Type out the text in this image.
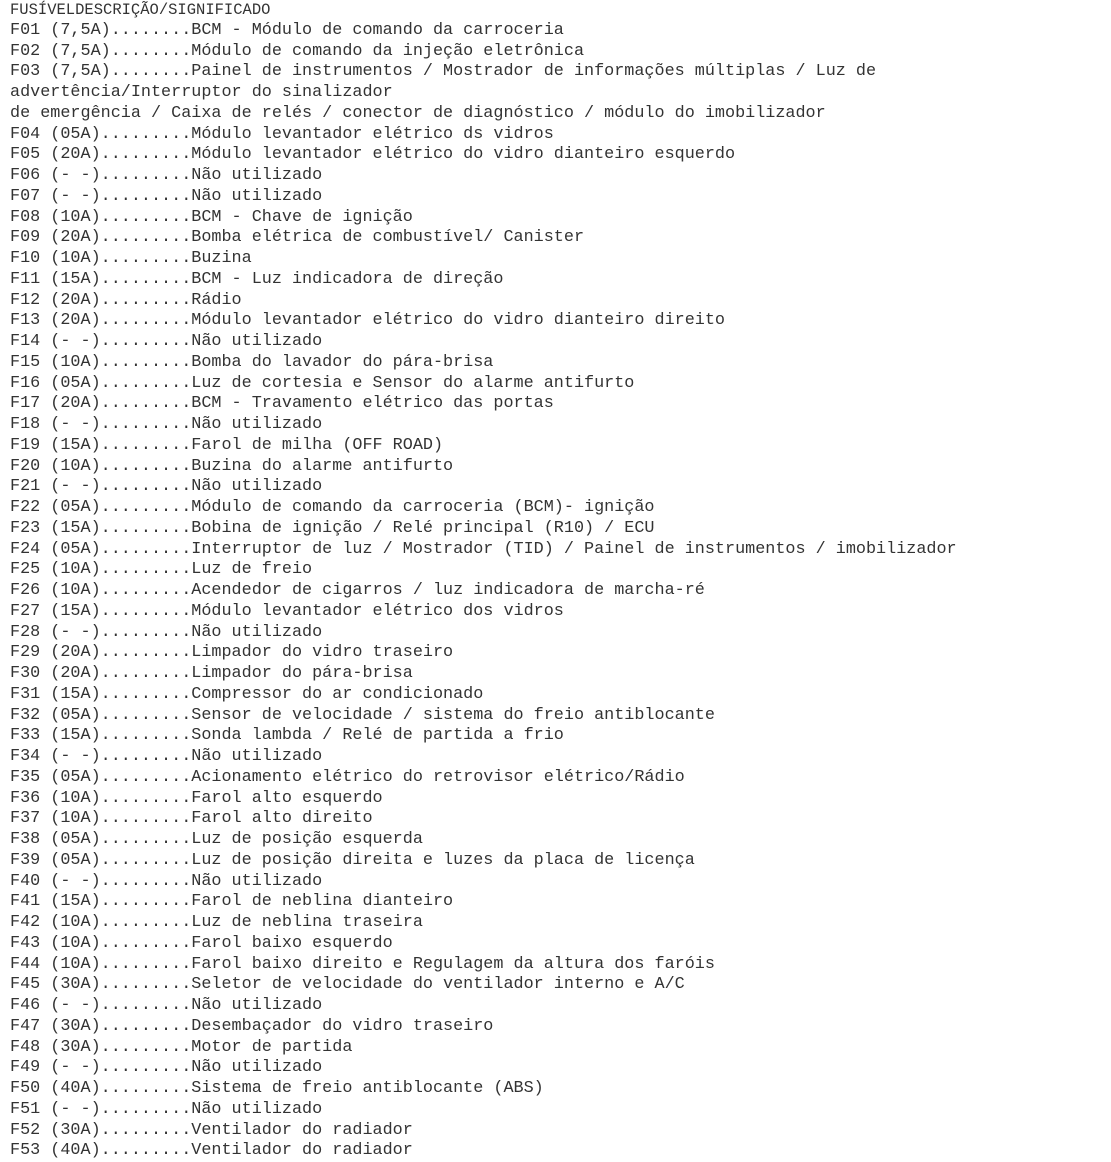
FUSÍVELDESCRIÇÃO/SIGNIFICADO
F01 (7,5A)........BCM - Módulo de comando da carroceria
F02 (7,5A)........Módulo de comando da injeção eletrônica
F03 (7,5A)........Painel de instrumentos / Mostrador de informações múltiplas / Luz de
advertência/Interruptor do sinalizador
de emergência / Caixa de relés / conector de diagnóstico / módulo do imobilizador
F04 (05A).........Módulo levantador elétrico ds vidros
F05 (20A).........Módulo levantador elétrico do vidro dianteiro esquerdo
F06 (- -).........Não utilizado
F07 (- -).........Não utilizado
F08 (10A).........BCM - Chave de ignição
F09 (20A).........Bomba elétrica de combustível/ Canister
F10 (10A).........Buzina
F11 (15A).........BCM - Luz indicadora de direção
F12 (20A).........Rádio
F13 (20A).........Módulo levantador elétrico do vidro dianteiro direito
F14 (- -).........Não utilizado
F15 (10A).........Bomba do lavador do pára-brisa
F16 (05A).........Luz de cortesia e Sensor do alarme antifurto
F17 (20A).........BCM - Travamento elétrico das portas
F18 (- -).........Não utilizado
F19 (15A).........Farol de milha (OFF ROAD)
F20 (10A).........Buzina do alarme antifurto
F21 (- -).........Não utilizado
F22 (05A).........Módulo de comando da carroceria (BCM)- ignição
F23 (15A).........Bobina de ignição / Relé principal (R10) / ECU
F24 (05A).........Interruptor de luz / Mostrador (TID) / Painel de instrumentos / imobilizador
F25 (10A).........Luz de freio
F26 (10A).........Acendedor de cigarros / luz indicadora de marcha-ré
F27 (15A).........Módulo levantador elétrico dos vidros
F28 (- -).........Não utilizado
F29 (20A).........Limpador do vidro traseiro
F30 (20A).........Limpador do pára-brisa
F31 (15A).........Compressor do ar condicionado
F32 (05A).........Sensor de velocidade / sistema do freio antiblocante
F33 (15A).........Sonda lambda / Relé de partida a frio
F34 (- -).........Não utilizado
F35 (05A).........Acionamento elétrico do retrovisor elétrico/Rádio
F36 (10A).........Farol alto esquerdo
F37 (10A).........Farol alto direito
F38 (05A).........Luz de posição esquerda
F39 (05A).........Luz de posição direita e luzes da placa de licença
F40 (- -).........Não utilizado
F41 (15A).........Farol de neblina dianteiro
F42 (10A).........Luz de neblina traseira
F43 (10A).........Farol baixo esquerdo
F44 (10A).........Farol baixo direito e Regulagem da altura dos faróis
F45 (30A).........Seletor de velocidade do ventilador interno e A/C
F46 (- -).........Não utilizado
F47 (30A).........Desembaçador do vidro traseiro
F48 (30A).........Motor de partida
F49 (- -).........Não utilizado
F50 (40A).........Sistema de freio antiblocante (ABS)
F51 (- -).........Não utilizado
F52 (30A).........Ventilador do radiador
F53 (40A).........Ventilador do radiador
